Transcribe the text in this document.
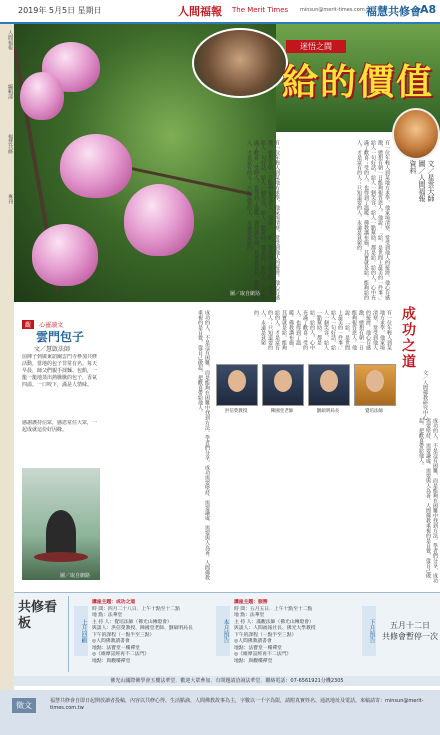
2019年 5月5日 星期日	人間福報 The Merit Times minsun@merit-times.com.tw
福慧共修會 A8
人間福報
編輯部
福慧共修
專刊
圖／取自網路
迷悟之間
給的價值
文／星雲大師 圖／人間福報資料
有一位年輕人到某地方求學，他家境清寒，常受到他人的接濟。他心存感激，總想有朝一日能夠報答恩人。他說：「給，是世間上最美的一件事。」給人一句好話，給人一個笑容，給人一點幫助，都是給。給的人，心中充滿了歡喜；受的人，也得到了溫暖。佛教講布施，其實就是給。能夠給的人，才是富有的人；只知道要的人，永遠是貧窮的。
有一位年輕人到某地方求學，他家境清寒，常受到他人的接濟。他心存感激，總想有朝一日能夠報答恩人。他說：「給，是世間上最美的一件事。」給人一句好話，給人一個笑容，給人一點幫助，都是給。給的人，心中充滿了歡喜；受的人，也得到了溫暖。佛教講布施，其實就是給。能夠給的人，才是富有的人；只知道要的人，永遠是貧窮的。
觀 心靈讀文
雲門包子
文／慧啟法師
前陣子到廣東韶關雲門寺參加共修活動，當地的包子非常有名。每天早晨，師父們親手揉麵、包餡，一籠一籠地蒸出熱騰騰的包子，香氣四溢。一口咬下，滿是人情味。
感謝護持信眾，感恩常住大眾，一起成就這份好因緣。
圖／取自網路	成功的人，不是沒有困難，而是能夠在困難中找到方法。學者們分享，成功需要堅持、需要謙虛、需要與人為善。人間佛教重視的是自覺，從自己做起，把歡喜帶給他人。	有一位年輕人到某地方求學，他家境清寒，常受到他人的接濟。他心存感激，總想有朝一日能夠報答恩人。他說：「給，是世間上最美的一件事。」給人一句好話，給人一個笑容，給人一點幫助，都是給。給的人，心中充滿了歡喜；受的人，也得到了溫暖。佛教講布施，其實就是給。能夠給的人，才是富有的人；只知道要的人，永遠是貧窮的。	成功之道
文／人間佛教研究中心
洪信榮教授	陳國堂老師	劉碩明局長	覺培法師
成功的人，不是沒有困難，而是能夠在困難中找到方法。學者們分享，成功需要堅持、需要謙虛、需要與人為善。人間佛教重視的是自覺，從自己做起，把歡喜帶給他人。
共修看板	上月回顧
講座主題：成功之道
時 間：四月二十八日．上午十點至十二點
地 點：法華堂
主 持 人：覺培法師（佛光山傳燈會）
與談人：洪信榮教授、陳國堂老師、劉碩明局長
下午的課程（一點半至三點）
◎人間佛教讀書會
地點：法寶堂一樓禪堂
◎《維摩詰經再不二法門》
地點：與觀樓禪堂
本月預告
講座主題：服務
時 間：五月五日．上午十點至十二點
地 點：法華堂
主 持 人：滿觀法師（佛光山傳燈會）
與談人：人間福報社長、佛光大學教授
下午的課程（一點半至三點）
◎人間佛教讀書會
地點：法寶堂一樓禪堂
◎《維摩詰經再不二法門》
地點：與觀樓禪堂
下月預告	五月十二日
共修會暫停一次
佛光山國際佛學會五樓法華堂．歡迎大眾參加．有問題請洽詢法華堂．聯絡電話：07-6561921分機2305
徵文	福慧共修會自即日起開放讀者投稿，內容以共修心得、生活點滴、人間佛教故事為主，字數以一千字為限，請附真實姓名、通訊地址及電話。來稿請寄：minsun@merit-times.com.tw
